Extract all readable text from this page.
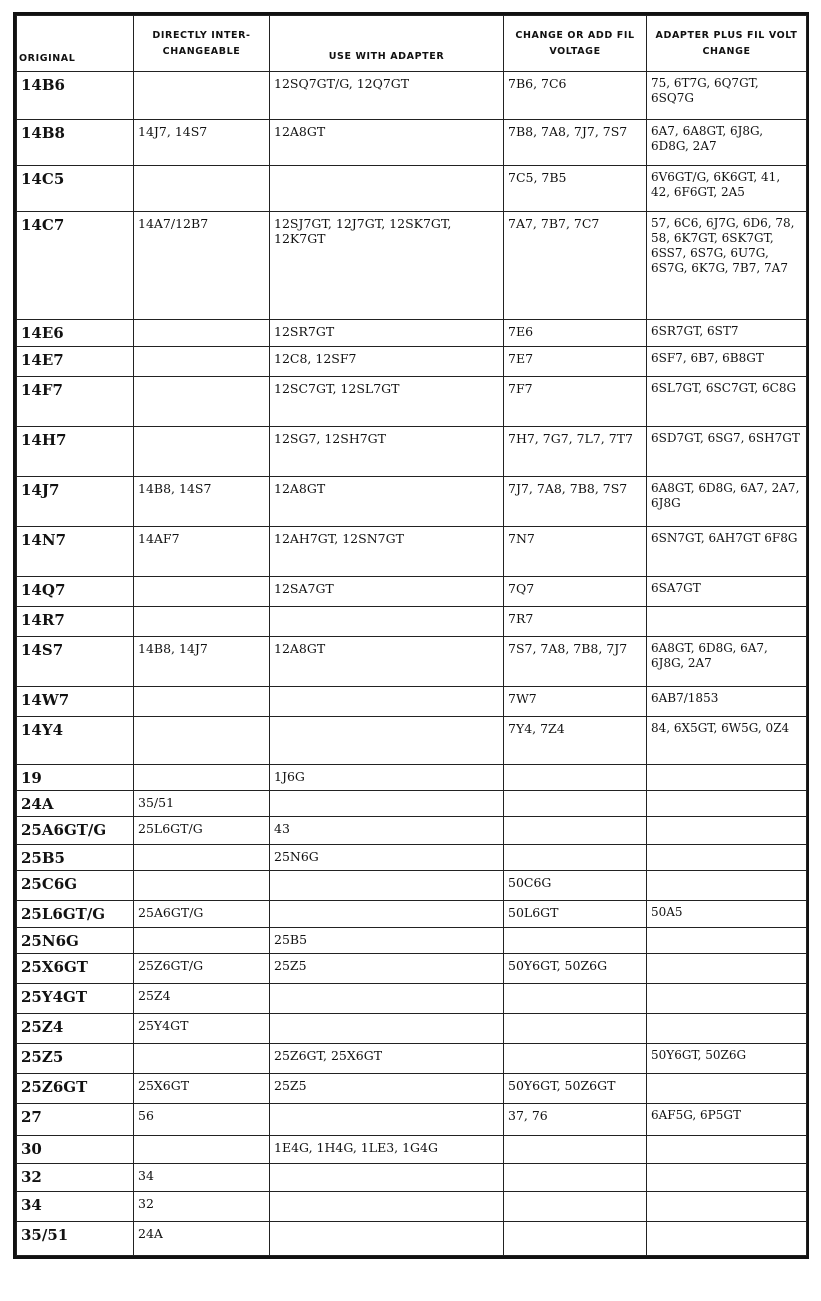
ORIGINAL	DIRECTLY INTER-CHANGEABLE	USE WITH ADAPTER	CHANGE OR ADD FIL VOLTAGE	ADAPTER PLUS FIL VOLT CHANGE
14B6		12SQ7GT/G, 12Q7GT	7B6, 7C6	75, 6T7G, 6Q7GT, 6SQ7G
14B8	14J7, 14S7	12A8GT	7B8, 7A8, 7J7, 7S7	6A7, 6A8GT, 6J8G, 6D8G, 2A7
14C5			7C5, 7B5	6V6GT/G, 6K6GT, 41, 42, 6F6GT, 2A5
14C7	14A7/12B7	12SJ7GT, 12J7GT, 12SK7GT, 12K7GT	7A7, 7B7, 7C7	57, 6C6, 6J7G, 6D6, 78, 58, 6K7GT, 6SK7GT, 6SS7, 6S7G, 6U7G, 6S7G, 6K7G, 7B7, 7A7
14E6		12SR7GT	7E6	6SR7GT, 6ST7
14E7		12C8, 12SF7	7E7	6SF7, 6B7, 6B8GT
14F7		12SC7GT, 12SL7GT	7F7	6SL7GT, 6SC7GT, 6C8G
14H7		12SG7, 12SH7GT	7H7, 7G7, 7L7, 7T7	6SD7GT, 6SG7, 6SH7GT
14J7	14B8, 14S7	12A8GT	7J7, 7A8, 7B8, 7S7	6A8GT, 6D8G, 6A7, 2A7, 6J8G
14N7	14AF7	12AH7GT, 12SN7GT	7N7	6SN7GT, 6AH7GT 6F8G
14Q7		12SA7GT	7Q7	6SA7GT
14R7			7R7	
14S7	14B8, 14J7	12A8GT	7S7, 7A8, 7B8, 7J7	6A8GT, 6D8G, 6A7, 6J8G, 2A7
14W7			7W7	6AB7/1853
14Y4			7Y4, 7Z4	84, 6X5GT, 6W5G, 0Z4
19		1J6G		
24A	35/51			
25A6GT/G	25L6GT/G	43		
25B5		25N6G		
25C6G			50C6G	
25L6GT/G	25A6GT/G		50L6GT	50A5
25N6G		25B5		
25X6GT	25Z6GT/G	25Z5	50Y6GT, 50Z6G	
25Y4GT	25Z4			
25Z4	25Y4GT			
25Z5		25Z6GT, 25X6GT		50Y6GT, 50Z6G
25Z6GT	25X6GT	25Z5	50Y6GT, 50Z6GT	
27	56		37, 76	6AF5G, 6P5GT
30		1E4G, 1H4G, 1LE3, 1G4G		
32	34			
34	32			
35/51	24A			
